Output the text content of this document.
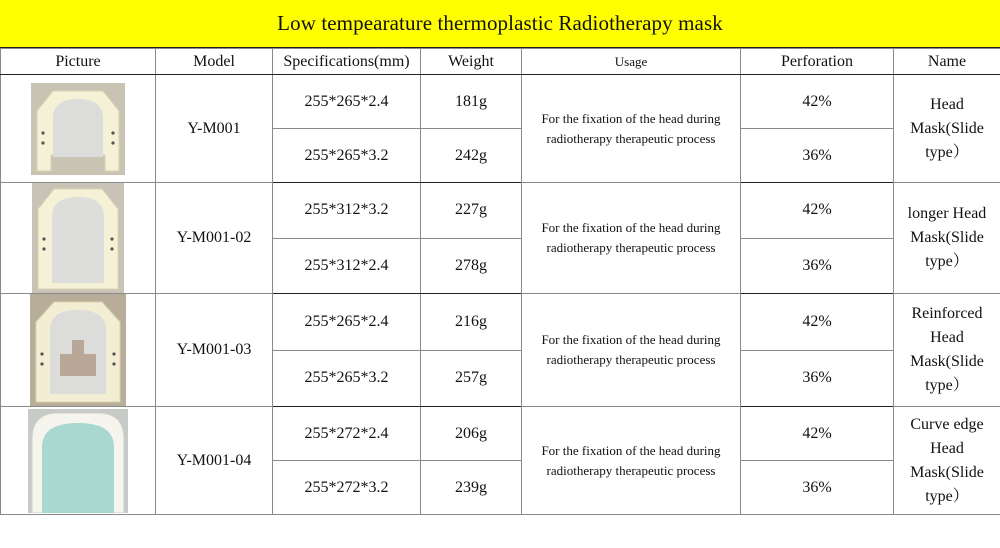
Low tempearature thermoplastic Radiotherapy mask
Picture	Model	Specifications(mm)	Weight	Usage	Perforation	Name

	Y-M001	255*265*2.4	181g	For the fixation of the head during radiotherapy therapeutic process	42%	Head Mask(Slide type）
		255*265*3.2	242g		36%	

	Y-M001-02	255*312*3.2	227g	For the fixation of the head during radiotherapy therapeutic process	42%	longer Head Mask(Slide type）
		255*312*2.4	278g		36%	

	Y-M001-03	255*265*2.4	216g	For the fixation of the head during radiotherapy therapeutic process	42%	Reinforced Head Mask(Slide type）
		255*265*3.2	257g		36%	

	Y-M001-04	255*272*2.4	206g	For the fixation of the head during radiotherapy therapeutic process	42%	Curve edge Head Mask(Slide type）
		255*272*3.2	239g		36%	
